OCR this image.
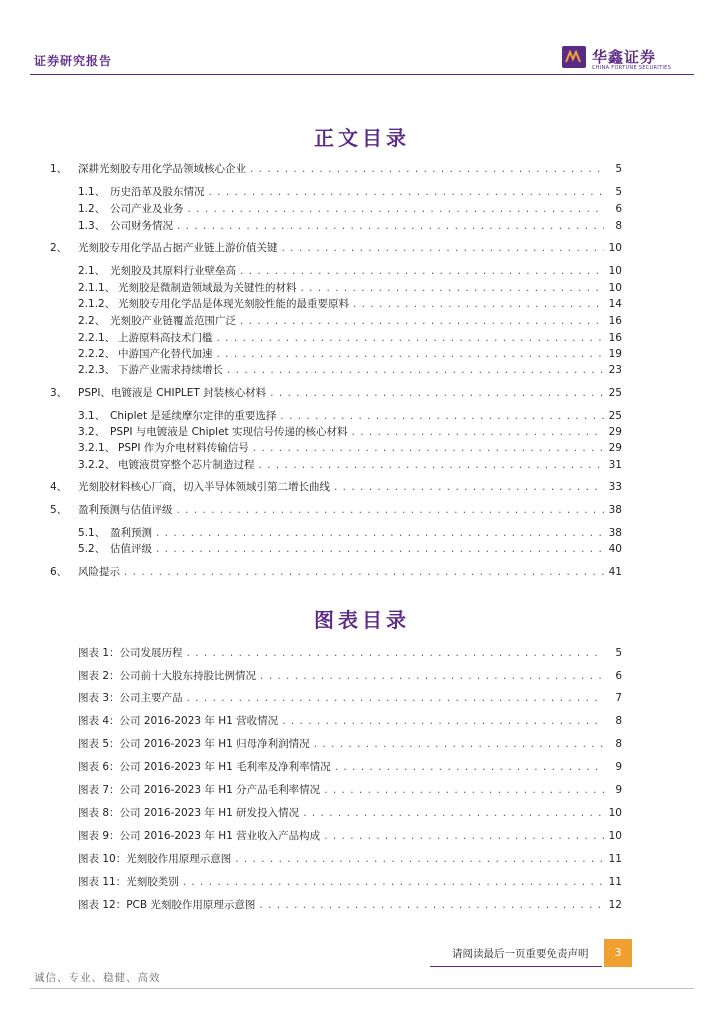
证券研究报告	华鑫证券
CHINA FORTUNE SECURITIES
正文目录
1、	深耕光刻胶专用化学品领域核心企业 . . .	5
1.1、 历史沿革及股东情况 . . .	5
1.2、 公司产业及业务 . . .	6
1.3、 公司财务情况 . . .	8
2、	光刻胶专用化学品占据产业链上游价值关键 . . .	10
2.1、 光刻胶及其原料行业壁垒高 . . .	10
2.1.1、 光刻胶是微制造领域最为关键性的材料 . . .	10
2.1.2、 光刻胶专用化学品是体现光刻胶性能的最重要原料 . . .	14
2.2、 光刻胶产业链覆盖范围广泛 . . .	16
2.2.1、 上游原料高技术门槛 . . .	16
2.2.2、 中游国产化替代加速 . . .	19
2.2.3、 下游产业需求持续增长 . . .	23
3、	PSPI、电镀液是 CHIPLET 封装核心材料 . . .	25
3.1、 Chiplet 是延续摩尔定律的重要选择 . . .	25
3.2、 PSPI 与电镀液是 Chiplet 实现信号传递的核心材料 . . .	29
3.2.1、 PSPI 作为介电材料传输信号 . . .	29
3.2.2、 电镀液贯穿整个芯片制造过程 . . .	31
4、	光刻胶材料核心厂商，切入半导体领域引第二增长曲线 . . .	33
5、	盈利预测与估值评级 . . .	38
5.1、 盈利预测 . . .	38
5.2、 估值评级 . . .	40
6、	风险提示 . . .	41
图表目录
图表 1：公司发展历程 . . .	5
图表 2：公司前十大股东持股比例情况 . . .	6
图表 3：公司主要产品 . . .	7
图表 4：公司 2016-2023 年 H1 营收情况 . . .	8
图表 5：公司 2016-2023 年 H1 归母净利润情况 . . .	8
图表 6：公司 2016-2023 年 H1 毛利率及净利率情况 . . .	9
图表 7：公司 2016-2023 年 H1 分产品毛利率情况 . . .	9
图表 8：公司 2016-2023 年 H1 研发投入情况 . . .	10
图表 9：公司 2016-2023 年 H1 营业收入产品构成 . . .	10
图表 10：光刻胶作用原理示意图 . . .	11
图表 11：光刻胶类别 . . .	11
图表 12：PCB 光刻胶作用原理示意图 . . .	12
请阅读最后一页重要免责声明	3
诚信、专业、稳健、高效
